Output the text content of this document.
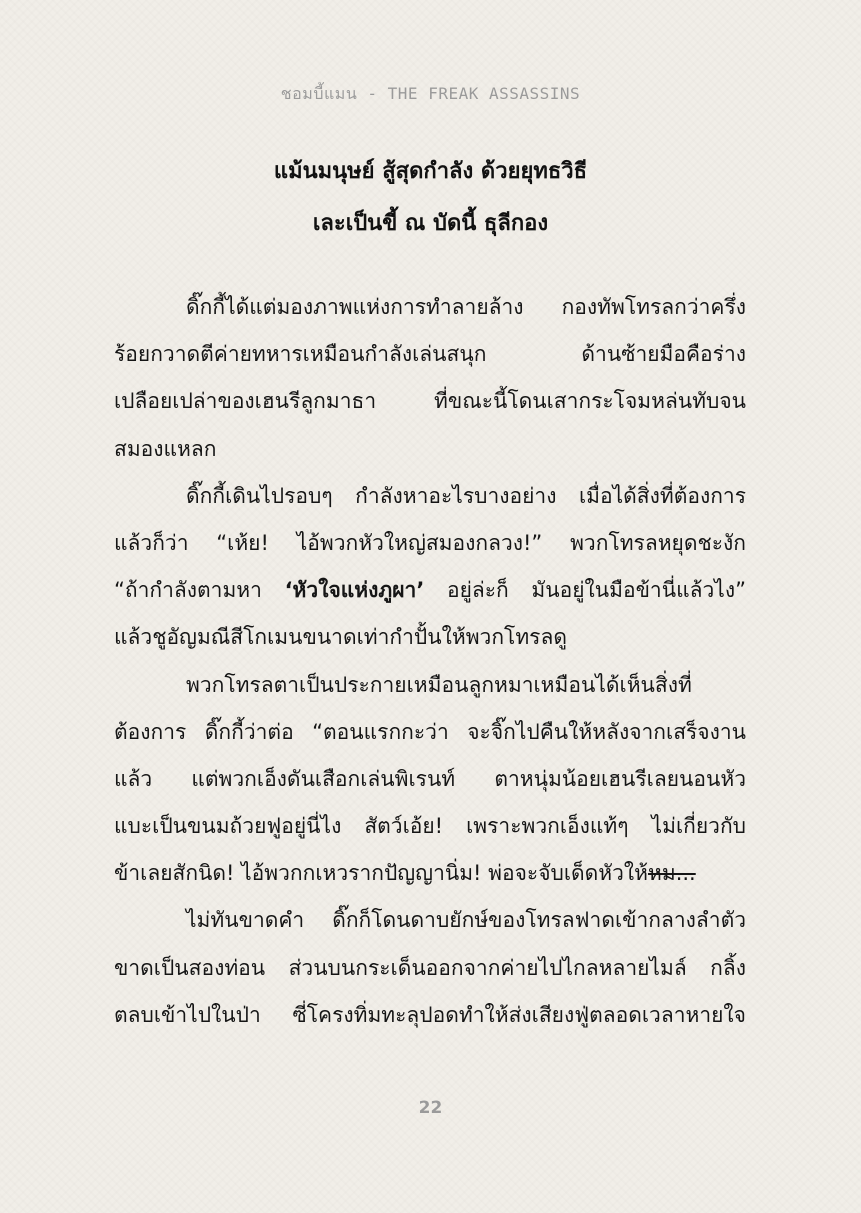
ชอมบี้แมน - THE FREAK ASSASSINS
แม้นมนุษย์ สู้สุดกำลัง ด้วยยุทธวิธี
เละเป็นขี้ ณ บัดนี้ ธุลีกอง
ดิ๊กกี้ได้แต่มองภาพแห่งการทำลายล้าง กองทัพโทรลกว่าครึ่ง
ร้อยกวาดตีค่ายทหารเหมือนกำลังเล่นสนุก ด้านซ้ายมือคือร่าง
เปลือยเปล่าของเฮนรีลูกมาธา ที่ขณะนี้โดนเสากระโจมหล่นทับจน
สมองแหลก
ดิ๊กกี้เดินไปรอบๆ กำลังหาอะไรบางอย่าง เมื่อได้สิ่งที่ต้องการ
แล้วก็ว่า “เห้ย! ไอ้พวกหัวใหญ่สมองกลวง!” พวกโทรลหยุดชะงัก
“ถ้ากำลังตามหา ‘หัวใจแห่งภูผา’ อยู่ล่ะก็ มันอยู่ในมือข้านี่แล้วไง”
แล้วชูอัญมณีสีโกเมนขนาดเท่ากำปั้นให้พวกโทรลดู
พวกโทรลตาเป็นประกายเหมือนลูกหมาเหมือนได้เห็นสิ่งที่
ต้องการ ดิ๊กกี้ว่าต่อ “ตอนแรกกะว่า จะจิ๊กไปคืนให้หลังจากเสร็จงาน
แล้ว แต่พวกเอ็งดันเสือกเล่นพิเรนท์ ตาหนุ่มน้อยเฮนรีเลยนอนหัว
แบะเป็นขนมถ้วยฟูอยู่นี่ไง สัตว์เอ้ย! เพราะพวกเอ็งแท้ๆ ไม่เกี่ยวกับ
ข้าเลยสักนิด! ไอ้พวกกเหวรากปัญญานิ่ม! พ่อจะจับเด็ดหัวให้หม...
ไม่ทันขาดคำ ดิ๊กก็โดนดาบยักษ์ของโทรลฟาดเข้ากลางลำตัว
ขาดเป็นสองท่อน ส่วนบนกระเด็นออกจากค่ายไปไกลหลายไมล์ กลิ้ง
ตลบเข้าไปในป่า ซี่โครงทิ่มทะลุปอดทำให้ส่งเสียงฟู่ตลอดเวลาหายใจ
22
